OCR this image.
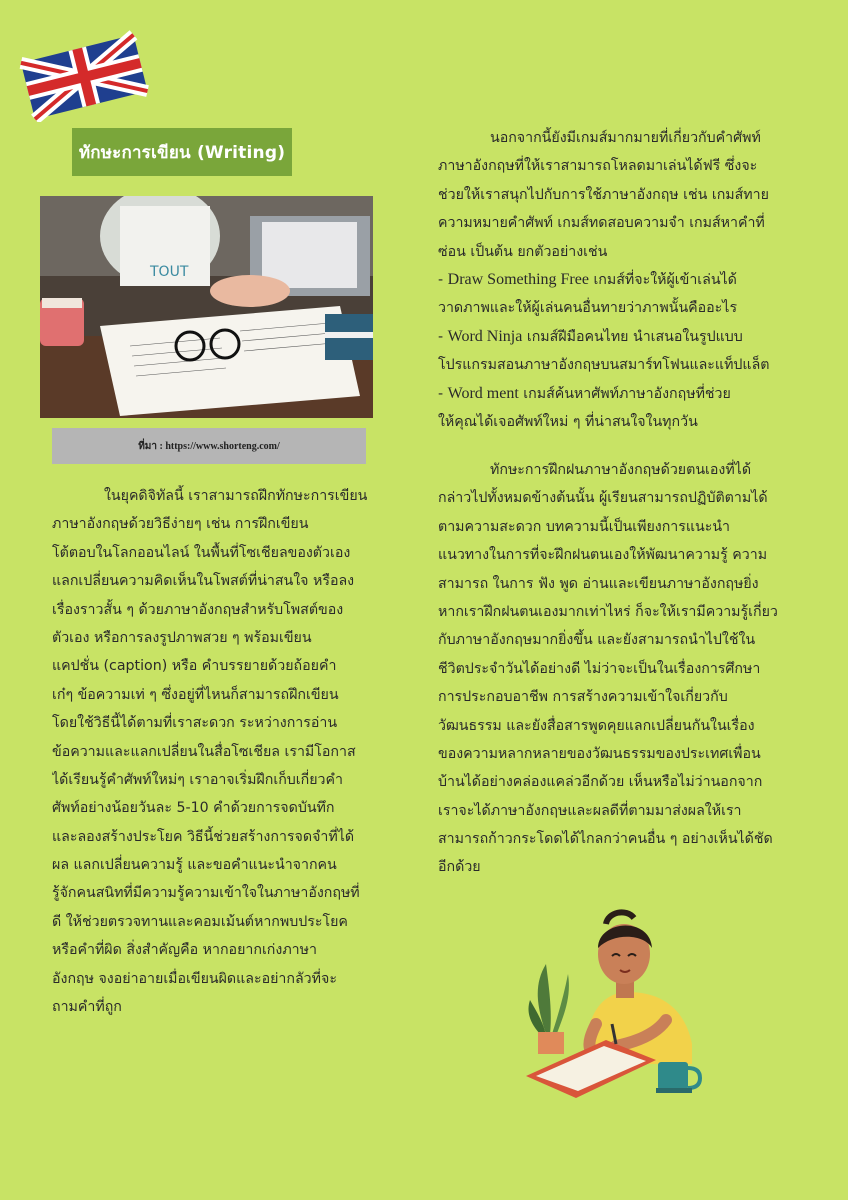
ทักษะการเขียน (Writing)
TOUT
ที่มา : https://www.shorteng.com/
ในยุคดิจิทัลนี้ เราสามารถฝึกทักษะการเขียน
ภาษาอังกฤษด้วยวิธีง่ายๆ เช่น การฝึกเขียน
โต้ตอบในโลกออนไลน์ ในพื้นที่โซเชียลของตัวเอง
แลกเปลี่ยนความคิดเห็นในโพสต์ที่น่าสนใจ หรือลง
เรื่องราวสั้น ๆ ด้วยภาษาอังกฤษสำหรับโพสต์ของ
ตัวเอง หรือการลงรูปภาพสวย ๆ พร้อมเขียน
แคปชั่น (caption) หรือ คำบรรยายด้วยถ้อยคำ
เก๋ๆ ข้อความเท่ ๆ ซึ่งอยู่ที่ไหนก็สามารถฝึกเขียน
โดยใช้วิธีนี้ได้ตามที่เราสะดวก ระหว่างการอ่าน
ข้อความและแลกเปลี่ยนในสื่อโซเชียล เรามีโอกาส
ได้เรียนรู้คำศัพท์ใหม่ๆ เราอาจเริ่มฝึกเก็บเกี่ยวคำ
ศัพท์อย่างน้อยวันละ 5-10 คำด้วยการจดบันทึก
และลองสร้างประโยค วิธีนี้ช่วยสร้างการจดจำที่ได้
ผล แลกเปลี่ยนความรู้ และขอคำแนะนำจากคน
รู้จักคนสนิทที่มีความรู้ความเข้าใจในภาษาอังกฤษที่
ดี ให้ช่วยตรวจทานและคอมเม้นต์หากพบประโยค
หรือคำที่ผิด สิ่งสำคัญคือ หากอยากเก่งภาษา
อังกฤษ จงอย่าอายเมื่อเขียนผิดและอย่ากลัวที่จะ
ถามคำที่ถูก
นอกจากนี้ยังมีเกมส์มากมายที่เกี่ยวกับคำศัพท์
ภาษาอังกฤษที่ให้เราสามารถโหลดมาเล่นได้ฟรี ซึ่งจะ
ช่วยให้เราสนุกไปกับการใช้ภาษาอังกฤษ เช่น เกมส์ทาย
ความหมายคำศัพท์ เกมส์ทดสอบความจำ เกมส์หาคำที่
ซ่อน เป็นต้น ยกตัวอย่างเช่น
- Draw Something Free เกมส์ที่จะให้ผู้เข้าเล่นได้
วาดภาพและให้ผู้เล่นคนอื่นทายว่าภาพนั้นคืออะไร
- Word Ninja เกมส์ฝีมือคนไทย นำเสนอในรูปแบบ
โปรแกรมสอนภาษาอังกฤษบนสมาร์ทโฟนและแท็ปแล็ต
- Word ment เกมส์ค้นหาศัพท์ภาษาอังกฤษที่ช่วย
ให้คุณได้เจอศัพท์ใหม่ ๆ ที่น่าสนใจในทุกวัน
ทักษะการฝึกฝนภาษาอังกฤษด้วยตนเองที่ได้
กล่าวไปทั้งหมดข้างต้นนั้น ผู้เรียนสามารถปฏิบัติตามได้
ตามความสะดวก บทความนี้เป็นเพียงการแนะนำ
แนวทางในการที่จะฝึกฝนตนเองให้พัฒนาความรู้ ความ
สามารถ ในการ ฟัง พูด อ่านและเขียนภาษาอังกฤษยิ่ง
หากเราฝึกฝนตนเองมากเท่าไหร่ ก็จะให้เรามีความรู้เกี่ยว
กับภาษาอังกฤษมากยิ่งขึ้น และยังสามารถนำไปใช้ใน
ชีวิตประจำวันได้อย่างดี ไม่ว่าจะเป็นในเรื่องการศึกษา
การประกอบอาชีพ การสร้างความเข้าใจเกี่ยวกับ
วัฒนธรรม และยังสื่อสารพูดคุยแลกเปลี่ยนกันในเรื่อง
ของความหลากหลายของวัฒนธรรมของประเทศเพื่อน
บ้านได้อย่างคล่องแคล่วอีกด้วย เห็นหรือไม่ว่านอกจาก
เราจะได้ภาษาอังกฤษและผลดีที่ตามมาส่งผลให้เรา
สามารถก้าวกระโดดได้ไกลกว่าคนอื่น ๆ อย่างเห็นได้ชัด
อีกด้วย
